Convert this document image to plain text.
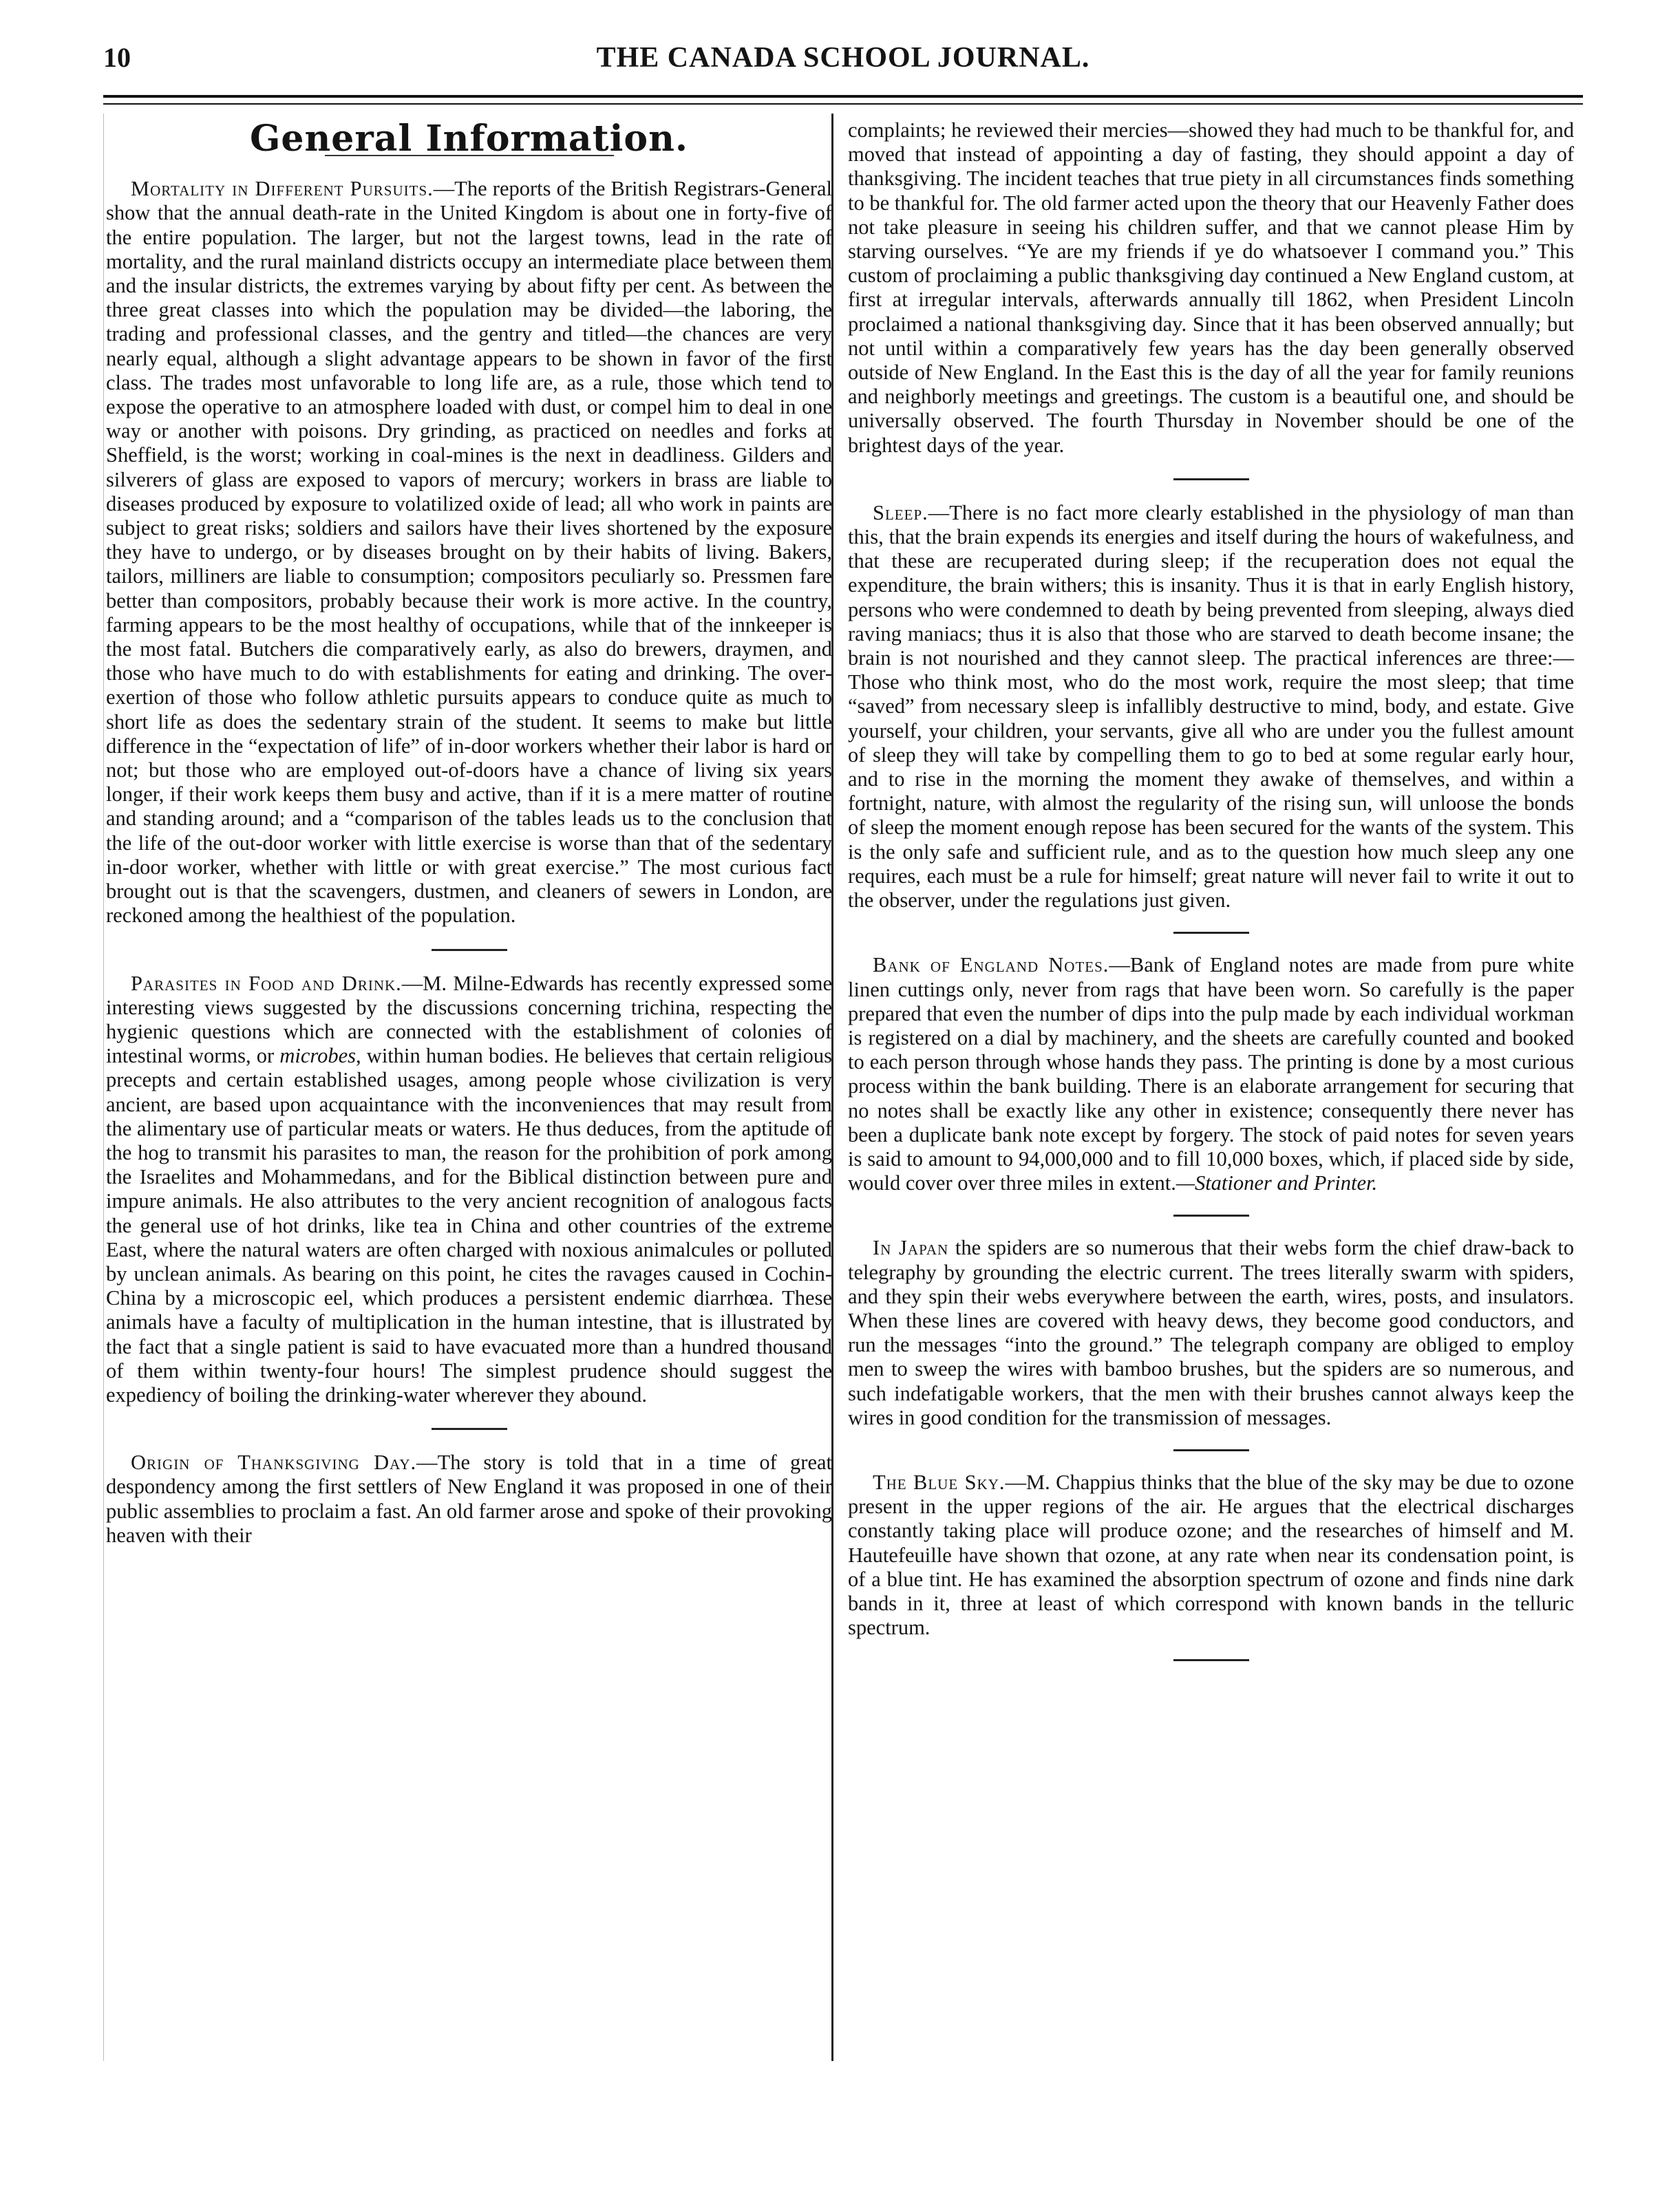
10	THE CANADA SCHOOL JOURNAL.
General Information.

Mortality in Different Pursuits.—The reports of the British Registrars-General show that the annual death-rate in the United Kingdom is about one in forty-five of the entire population. The larger, but not the largest towns, lead in the rate of mortality, and the rural mainland districts occupy an intermediate place between them and the insular districts, the extremes varying by about fifty per cent. As between the three great classes into which the population may be divided—the laboring, the trading and professional classes, and the gentry and titled—the chances are very nearly equal, although a slight advantage appears to be shown in favor of the first class. The trades most unfavorable to long life are, as a rule, those which tend to expose the operative to an atmosphere loaded with dust, or compel him to deal in one way or another with poisons. Dry grinding, as practiced on needles and forks at Sheffield, is the worst; working in coal-mines is the next in deadliness. Gilders and silverers of glass are exposed to vapors of mercury; workers in brass are liable to diseases produced by exposure to volatilized oxide of lead; all who work in paints are subject to great risks; soldiers and sailors have their lives shortened by the exposure they have to undergo, or by diseases brought on by their habits of living. Bakers, tailors, milliners are liable to consumption; compositors peculiarly so. Pressmen fare better than compositors, probably because their work is more active. In the country, farming appears to be the most healthy of occupations, while that of the innkeeper is the most fatal. Butchers die comparatively early, as also do brewers, draymen, and those who have much to do with establishments for eating and drinking. The over-exertion of those who follow athletic pursuits appears to conduce quite as much to short life as does the sedentary strain of the student. It seems to make but little difference in the “expectation of life” of in-door workers whether their labor is hard or not; but those who are employed out-of-doors have a chance of living six years longer, if their work keeps them busy and active, than if it is a mere matter of routine and standing around; and a “comparison of the tables leads us to the conclusion that the life of the out-door worker with little exercise is worse than that of the sedentary in-door worker, whether with little or with great exercise.” The most curious fact brought out is that the scavengers, dustmen, and cleaners of sewers in London, are reckoned among the healthiest of the population.

Parasites in Food and Drink.—M. Milne-Edwards has recently expressed some interesting views suggested by the discussions concerning trichina, respecting the hygienic questions which are connected with the establishment of colonies of intestinal worms, or microbes, within human bodies. He believes that certain religious precepts and certain established usages, among people whose civilization is very ancient, are based upon acquaintance with the inconveniences that may result from the alimentary use of particular meats or waters. He thus deduces, from the aptitude of the hog to transmit his parasites to man, the reason for the prohibition of pork among the Israelites and Mohammedans, and for the Biblical distinction between pure and impure animals. He also attributes to the very ancient recognition of analogous facts the general use of hot drinks, like tea in China and other countries of the extreme East, where the natural waters are often charged with noxious animalcules or polluted by unclean animals. As bearing on this point, he cites the ravages caused in Cochin-China by a microscopic eel, which produces a persistent endemic diarrhœa. These animals have a faculty of multiplication in the human intestine, that is illustrated by the fact that a single patient is said to have evacuated more than a hundred thousand of them within twenty-four hours! The simplest prudence should suggest the expediency of boiling the drinking-water wherever they abound.

Origin of Thanksgiving Day.—The story is told that in a time of great despondency among the first settlers of New England it was proposed in one of their public assemblies to proclaim a fast. An old farmer arose and spoke of their provoking heaven with their

complaints; he reviewed their mercies—showed they had much to be thankful for, and moved that instead of appointing a day of fasting, they should appoint a day of thanksgiving. The incident teaches that true piety in all circumstances finds something to be thankful for. The old farmer acted upon the theory that our Heavenly Father does not take pleasure in seeing his children suffer, and that we cannot please Him by starving ourselves. “Ye are my friends if ye do whatsoever I command you.” This custom of proclaiming a public thanksgiving day continued a New England custom, at first at irregular intervals, afterwards annually till 1862, when President Lincoln proclaimed a national thanksgiving day. Since that it has been observed annually; but not until within a comparatively few years has the day been generally observed outside of New England. In the East this is the day of all the year for family reunions and neighborly meetings and greetings. The custom is a beautiful one, and should be universally observed. The fourth Thursday in November should be one of the brightest days of the year.

Sleep.—There is no fact more clearly established in the physiology of man than this, that the brain expends its energies and itself during the hours of wakefulness, and that these are recuperated during sleep; if the recuperation does not equal the expenditure, the brain withers; this is insanity. Thus it is that in early English history, persons who were condemned to death by being prevented from sleeping, always died raving maniacs; thus it is also that those who are starved to death become insane; the brain is not nourished and they cannot sleep. The practical inferences are three:—Those who think most, who do the most work, require the most sleep; that time “saved” from necessary sleep is infallibly destructive to mind, body, and estate. Give yourself, your children, your servants, give all who are under you the fullest amount of sleep they will take by compelling them to go to bed at some regular early hour, and to rise in the morning the moment they awake of themselves, and within a fortnight, nature, with almost the regularity of the rising sun, will unloose the bonds of sleep the moment enough repose has been secured for the wants of the system. This is the only safe and sufficient rule, and as to the question how much sleep any one requires, each must be a rule for himself; great nature will never fail to write it out to the observer, under the regulations just given.

Bank of England Notes.—Bank of England notes are made from pure white linen cuttings only, never from rags that have been worn. So carefully is the paper prepared that even the number of dips into the pulp made by each individual workman is registered on a dial by machinery, and the sheets are carefully counted and booked to each person through whose hands they pass. The printing is done by a most curious process within the bank building. There is an elaborate arrangement for securing that no notes shall be exactly like any other in existence; consequently there never has been a duplicate bank note except by forgery. The stock of paid notes for seven years is said to amount to 94,000,000 and to fill 10,000 boxes, which, if placed side by side, would cover over three miles in extent.—Stationer and Printer.

In Japan the spiders are so numerous that their webs form the chief draw-back to telegraphy by grounding the electric current. The trees literally swarm with spiders, and they spin their webs everywhere between the earth, wires, posts, and insulators. When these lines are covered with heavy dews, they become good conductors, and run the messages “into the ground.” The telegraph company are obliged to employ men to sweep the wires with bamboo brushes, but the spiders are so numerous, and such indefatigable workers, that the men with their brushes cannot always keep the wires in good condition for the transmission of messages.

The Blue Sky.—M. Chappius thinks that the blue of the sky may be due to ozone present in the upper regions of the air. He argues that the electrical discharges constantly taking place will produce ozone; and the researches of himself and M. Hautefeuille have shown that ozone, at any rate when near its condensation point, is of a blue tint. He has examined the absorption spectrum of ozone and finds nine dark bands in it, three at least of which correspond with known bands in the telluric spectrum.
